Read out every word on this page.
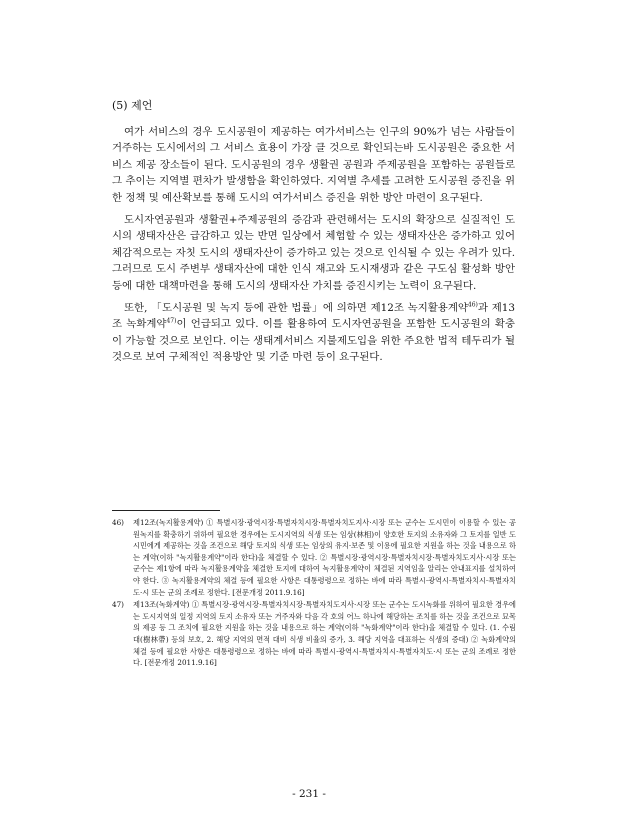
(5) 제언

여가 서비스의 경우 도시공원이 제공하는 여가서비스는 인구의 90%가 넘는 사람들이 거주하는 도시에서의 그 서비스 효용이 가장 클 것으로 확인되는바 도시공원은 중요한 서비스 제공 장소들이 된다. 도시공원의 경우 생활권 공원과 주제공원을 포함하는 공원들로 그 추이는 지역별 편차가 발생함을 확인하였다. 지역별 추세를 고려한 도시공원 증진을 위한 정책 및 예산확보를 통해 도시의 여가서비스 증진을 위한 방안 마련이 요구된다.

도시자연공원과 생활권+주제공원의 증감과 관련해서는 도시의 확장으로 실질적인 도시의 생태자산은 급감하고 있는 반면 일상에서 체험할 수 있는 생태자산은 증가하고 있어 체감적으로는 자칫 도시의 생태자산이 증가하고 있는 것으로 인식될 수 있는 우려가 있다. 그러므로 도시 주변부 생태자산에 대한 인식 재고와 도시재생과 같은 구도심 활성화 방안 등에 대한 대책마련을 통해 도시의 생태자산 가치를 증진시키는 노력이 요구된다.

또한, 「도시공원 및 녹지 등에 관한 법률」에 의하면 제12조 녹지활용계약$^{46)}$과 제13조 녹화계약$^{47)}$이 언급되고 있다. 이를 활용하여 도시자연공원을 포함한 도시공원의 확충이 가능할 것으로 보인다. 이는 생태계서비스 지불제도입을 위한 주요한 법적 테두리가 될 것으로 보여 구체적인 적용방안 및 기준 마련 등이 요구된다.

46)	제12조(녹지활용계약) ① 특별시장·광역시장·특별자치시장·특별자치도지사·시장 또는 군수는 도시민이 이용할 수 있는 공원녹지를 확충하기 위하여 필요한 경우에는 도시지역의 식생 또는 임상(林相)이 양호한 토지의 소유자와 그 토지를 일반 도시민에게 제공하는 것을 조건으로 해당 토지의 식생 또는 임상의 유지·보존 및 이용에 필요한 지원을 하는 것을 내용으로 하는 계약(이하 "녹지활용계약"이라 한다)을 체결할 수 있다. ② 특별시장·광역시장·특별자치시장·특별자치도지사·시장 또는 군수는 제1항에 따라 녹지활용계약을 체결한 토지에 대하여 녹지활용계약이 체결된 지역임을 알리는 안내표지를 설치하여야 한다. ③ 녹지활용계약의 체결 등에 필요한 사항은 대통령령으로 정하는 바에 따라 특별시·광역시·특별자치시·특별자치도·시 또는 군의 조례로 정한다. [전문개정 2011.9.16]
47)	제13조(녹화계약) ① 특별시장·광역시장·특별자치시장·특별자치도지사·시장 또는 군수는 도시녹화를 위하여 필요한 경우에는 도시지역의 일정 지역의 토지 소유자 또는 거주자와 다음 각 호의 어느 하나에 해당하는 조치를 하는 것을 조건으로 묘목의 제공 등 그 조치에 필요한 지원을 하는 것을 내용으로 하는 계약(이하 "녹화계약"이라 한다)을 체결할 수 있다. (1. 수림대(樹林帶) 등의 보호, 2. 해당 지역의 면적 대비 식생 비율의 증가, 3. 해당 지역을 대표하는 식생의 증대) ② 녹화계약의 체결 등에 필요한 사항은 대통령령으로 정하는 바에 따라 특별시·광역시·특별자치시·특별자치도·시 또는 군의 조례로 정한다. [전문개정 2011.9.16]
- 231 -
